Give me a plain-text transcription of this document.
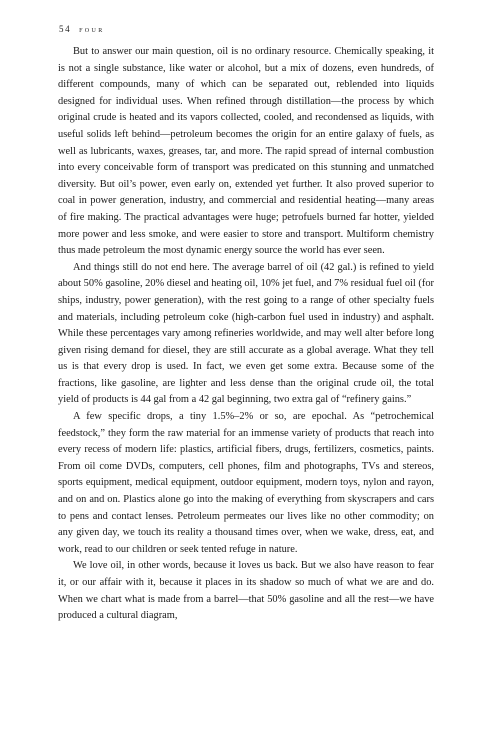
54 four

But to answer our main question, oil is no ordinary resource. Chemically speaking, it is not a single substance, like water or alcohol, but a mix of dozens, even hundreds, of different compounds, many of which can be separated out, reblended into liquids designed for individual uses. When refined through distillation—the process by which original crude is heated and its vapors collected, cooled, and recondensed as liquids, with useful solids left behind—petroleum becomes the origin for an entire galaxy of fuels, as well as lubricants, waxes, greases, tar, and more. The rapid spread of internal combustion into every conceivable form of transport was predicated on this stunning and unmatched diversity. But oil’s power, even early on, extended yet further. It also proved superior to coal in power generation, industry, and commercial and residential heating—many areas of fire making. The practical advantages were huge; petrofuels burned far hotter, yielded more power and less smoke, and were easier to store and transport. Multiform chemistry thus made petroleum the most dynamic energy source the world has ever seen.

And things still do not end here. The average barrel of oil (42 gal.) is refined to yield about 50% gasoline, 20% diesel and heating oil, 10% jet fuel, and 7% residual fuel oil (for ships, industry, power generation), with the rest going to a range of other specialty fuels and materials, including petroleum coke (high-carbon fuel used in industry) and asphalt. While these percentages vary among refineries worldwide, and may well alter before long given rising demand for diesel, they are still accurate as a global average. What they tell us is that every drop is used. In fact, we even get some extra. Because some of the fractions, like gasoline, are lighter and less dense than the original crude oil, the total yield of products is 44 gal from a 42 gal beginning, two extra gal of “refinery gains.”

A few specific drops, a tiny 1.5%–2% or so, are epochal. As “petrochemical feedstock,” they form the raw material for an immense variety of products that reach into every recess of modern life: plastics, artificial fibers, drugs, fertilizers, cosmetics, paints. From oil come DVDs, computers, cell phones, film and photographs, TVs and stereos, sports equipment, medical equipment, outdoor equipment, modern toys, nylon and rayon, and on and on. Plastics alone go into the making of everything from skyscrapers and cars to pens and contact lenses. Petroleum permeates our lives like no other commodity; on any given day, we touch its reality a thousand times over, when we wake, dress, eat, and work, read to our children or seek tented refuge in nature.

We love oil, in other words, because it loves us back. But we also have reason to fear it, or our affair with it, because it places in its shadow so much of what we are and do. When we chart what is made from a barrel—that 50% gasoline and all the rest—we have produced a cultural diagram,
